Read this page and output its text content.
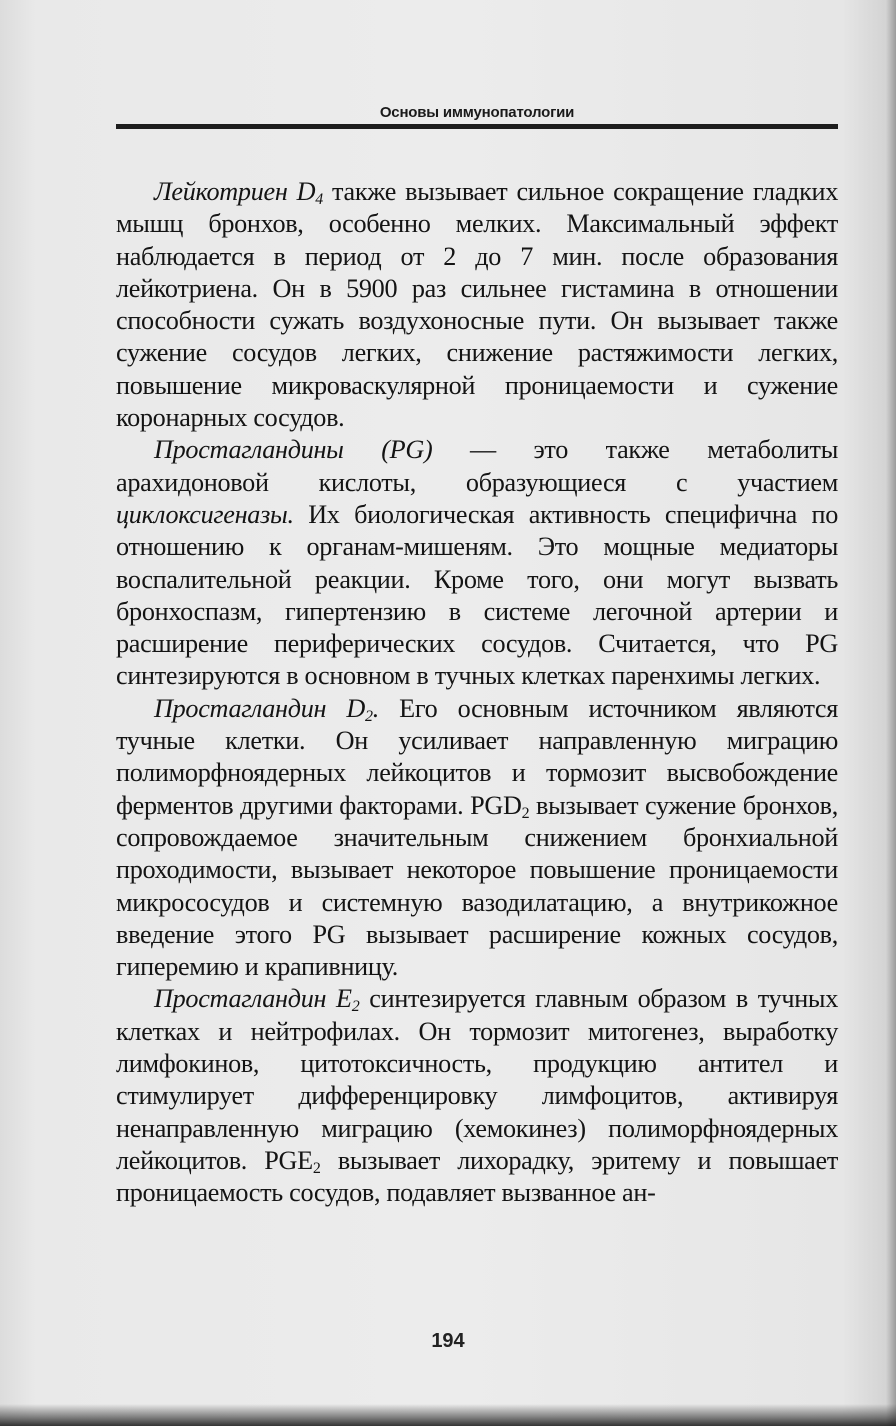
Основы иммунопатологии

Лейкотриен $D_4$ также вызывает сильное сокращение гладких мышц бронхов, особенно мелких. Максимальный эффект наблюдается в период от 2 до 7 мин. после образования лейкотриена. Он в 5900 раз сильнее гистамина в отношении способности сужать воздухоносные пути. Он вызывает также сужение сосудов легких, снижение растяжимости легких, повышение микроваскулярной проницаемости и сужение коронарных сосудов.

Простагландины (PG) — это также метаболиты арахидоновой кислоты, образующиеся с участием циклоксигеназы. Их биологическая активность специфична по отношению к органам-мишеням. Это мощные медиаторы воспалительной реакции. Кроме того, они могут вызвать бронхоспазм, гипертензию в системе легочной артерии и расширение периферических сосудов. Считается, что PG синтезируются в основном в тучных клетках паренхимы легких.

Простагландин $D_2$. Его основным источником являются тучные клетки. Он усиливает направленную миграцию полиморфноядерных лейкоцитов и тормозит высвобождение ферментов другими факторами. $PGD_2$ вызывает сужение бронхов, сопровождаемое значительным снижением бронхиальной проходимости, вызывает некоторое повышение проницаемости микрососудов и системную вазодилатацию, а внутрикожное введение этого PG вызывает расширение кожных сосудов, гиперемию и крапивницу.

Простагландин $E_2$ синтезируется главным образом в тучных клетках и нейтрофилах. Он тормозит митогенез, выработку лимфокинов, цитотоксичность, продукцию антител и стимулирует дифференцировку лимфоцитов, активируя ненаправленную миграцию (хемокинез) полиморфноядерных лейкоцитов. $PGE_2$ вызывает лихорадку, эритему и повышает проницаемость сосудов, подавляет вызванное ан-

194
